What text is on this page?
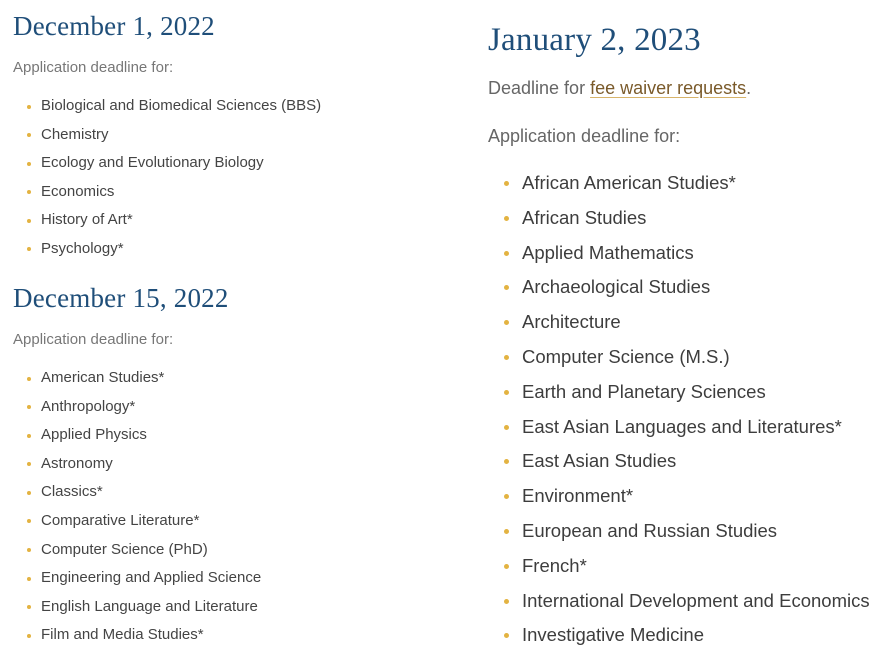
December 1, 2022

Application deadline for:

Biological and Biomedical Sciences (BBS)
Chemistry
Ecology and Evolutionary Biology
Economics
History of Art*
Psychology*
December 15, 2022

Application deadline for:

American Studies*
Anthropology*
Applied Physics
Astronomy
Classics*
Comparative Literature*
Computer Science (PhD)
Engineering and Applied Science
English Language and Literature
Film and Media Studies*
January 2, 2023

Deadline for fee waiver requests.

Application deadline for:

African American Studies*
African Studies
Applied Mathematics
Archaeological Studies
Architecture
Computer Science (M.S.)
Earth and Planetary Sciences
East Asian Languages and Literatures*
East Asian Studies
Environment*
European and Russian Studies
French*
International Development and Economics
Investigative Medicine
